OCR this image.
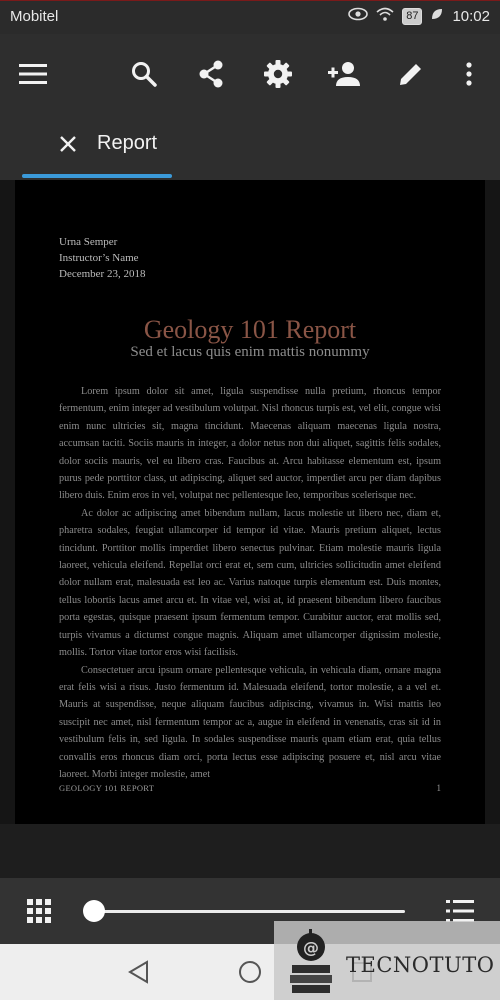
Mobitel	87 10:02
Report
Urna Semper
Instructor’s Name
December 23, 2018
Geology 101 Report
Sed et lacus quis enim mattis nonummy

Lorem ipsum dolor sit amet, ligula suspendisse nulla pretium, rhoncus tempor fermentum, enim integer ad vestibulum volutpat. Nisl rhoncus turpis est, vel elit, congue wisi enim nunc ultricies sit, magna tincidunt. Maecenas aliquam maecenas ligula nostra, accumsan taciti. Sociis mauris in integer, a dolor netus non dui aliquet, sagittis felis sodales, dolor sociis mauris, vel eu libero cras. Faucibus at. Arcu habitasse elementum est, ipsum purus pede porttitor class, ut adipiscing, aliquet sed auctor, imperdiet arcu per diam dapibus libero duis. Enim eros in vel, volutpat nec pellentesque leo, temporibus scelerisque nec.

Ac dolor ac adipiscing amet bibendum nullam, lacus molestie ut libero nec, diam et, pharetra sodales, feugiat ullamcorper id tempor id vitae. Mauris pretium aliquet, lectus tincidunt. Porttitor mollis imperdiet libero senectus pulvinar. Etiam molestie mauris ligula laoreet, vehicula eleifend. Repellat orci erat et, sem cum, ultricies sollicitudin amet eleifend dolor nullam erat, malesuada est leo ac. Varius natoque turpis elementum est. Duis montes, tellus lobortis lacus amet arcu et. In vitae vel, wisi at, id praesent bibendum libero faucibus porta egestas, quisque praesent ipsum fermentum tempor. Curabitur auctor, erat mollis sed, turpis vivamus a dictumst congue magnis. Aliquam amet ullamcorper dignissim molestie, mollis. Tortor vitae tortor eros wisi facilisis.

Consectetuer arcu ipsum ornare pellentesque vehicula, in vehicula diam, ornare magna erat felis wisi a risus. Justo fermentum id. Malesuada eleifend, tortor molestie, a a vel et. Mauris at suspendisse, neque aliquam faucibus adipiscing, vivamus in. Wisi mattis leo suscipit nec amet, nisl fermentum tempor ac a, augue in eleifend in venenatis, cras sit id in vestibulum felis in, sed ligula. In sodales suspendisse mauris quam etiam erat, quia tellus convallis eros rhoncus diam orci, porta lectus esse adipiscing posuere et, nisl arcu vitae laoreet. Morbi integer molestie, amet

GEOLOGY 101 REPORT	1
@
TECNOTUTO
